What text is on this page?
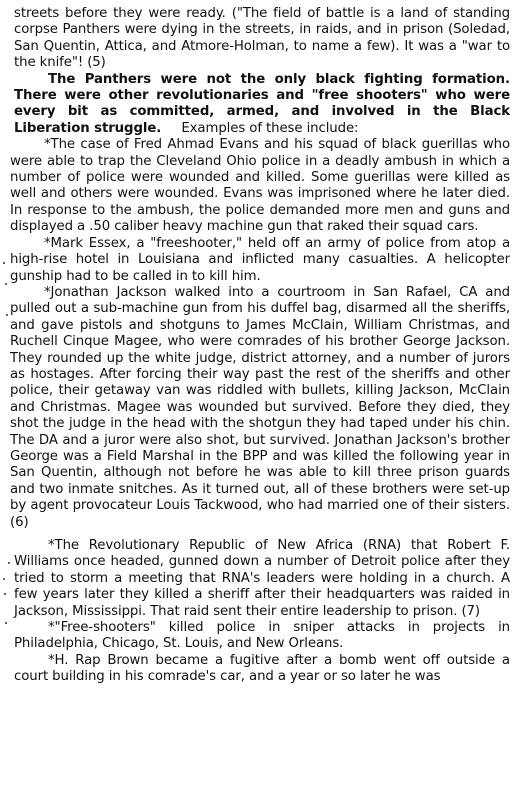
streets before they were ready. ("The field of battle is a land of standing corpse Panthers were dying in the streets, in raids, and in prison (Soledad, San Quentin, Attica, and Atmore-Holman, to name a few). It was a "war to the knife"! (5)

The Panthers were not the only black fighting formation. There were other revolutionaries and "free shooters" who were every bit as committed, armed, and involved in the Black Liberation struggle. Examples of these include:

*The case of Fred Ahmad Evans and his squad of black guerillas who were able to trap the Cleveland Ohio police in a deadly ambush in which a number of police were wounded and killed. Some guerillas were killed as well and others were wounded. Evans was imprisoned where he later died. In response to the ambush, the police demanded more men and guns and displayed a .50 caliber heavy machine gun that raked their squad cars.

*Mark Essex, a "freeshooter," held off an army of police from atop a high-rise hotel in Louisiana and inflicted many casualties. A helicopter gunship had to be called in to kill him.

*Jonathan Jackson walked into a courtroom in San Rafael, CA and pulled out a sub-machine gun from his duffel bag, disarmed all the sheriffs, and gave pistols and shotguns to James McClain, William Christmas, and Ruchell Cinque Magee, who were comrades of his brother George Jackson. They rounded up the white judge, district attorney, and a number of jurors as hostages. After forcing their way past the rest of the sheriffs and other police, their getaway van was riddled with bullets, killing Jackson, McClain and Christmas. Magee was wounded but survived. Before they died, they shot the judge in the head with the shotgun they had taped under his chin. The DA and a juror were also shot, but survived. Jonathan Jackson's brother George was a Field Marshal in the BPP and was killed the following year in San Quentin, although not before he was able to kill three prison guards and two inmate snitches. As it turned out, all of these brothers were set-up by agent provocateur Louis Tackwood, who had married one of their sisters. (6)

*The Revolutionary Republic of New Africa (RNA) that Robert F. Williams once headed, gunned down a number of Detroit police after they tried to storm a meeting that RNA's leaders were holding in a church. A few years later they killed a sheriff after their headquarters was raided in Jackson, Mississippi. That raid sent their entire leadership to prison. (7)

*"Free-shooters" killed police in sniper attacks in projects in Philadelphia, Chicago, St. Louis, and New Orleans.

*H. Rap Brown became a fugitive after a bomb went off outside a court building in his comrade's car, and a year or so later he was
